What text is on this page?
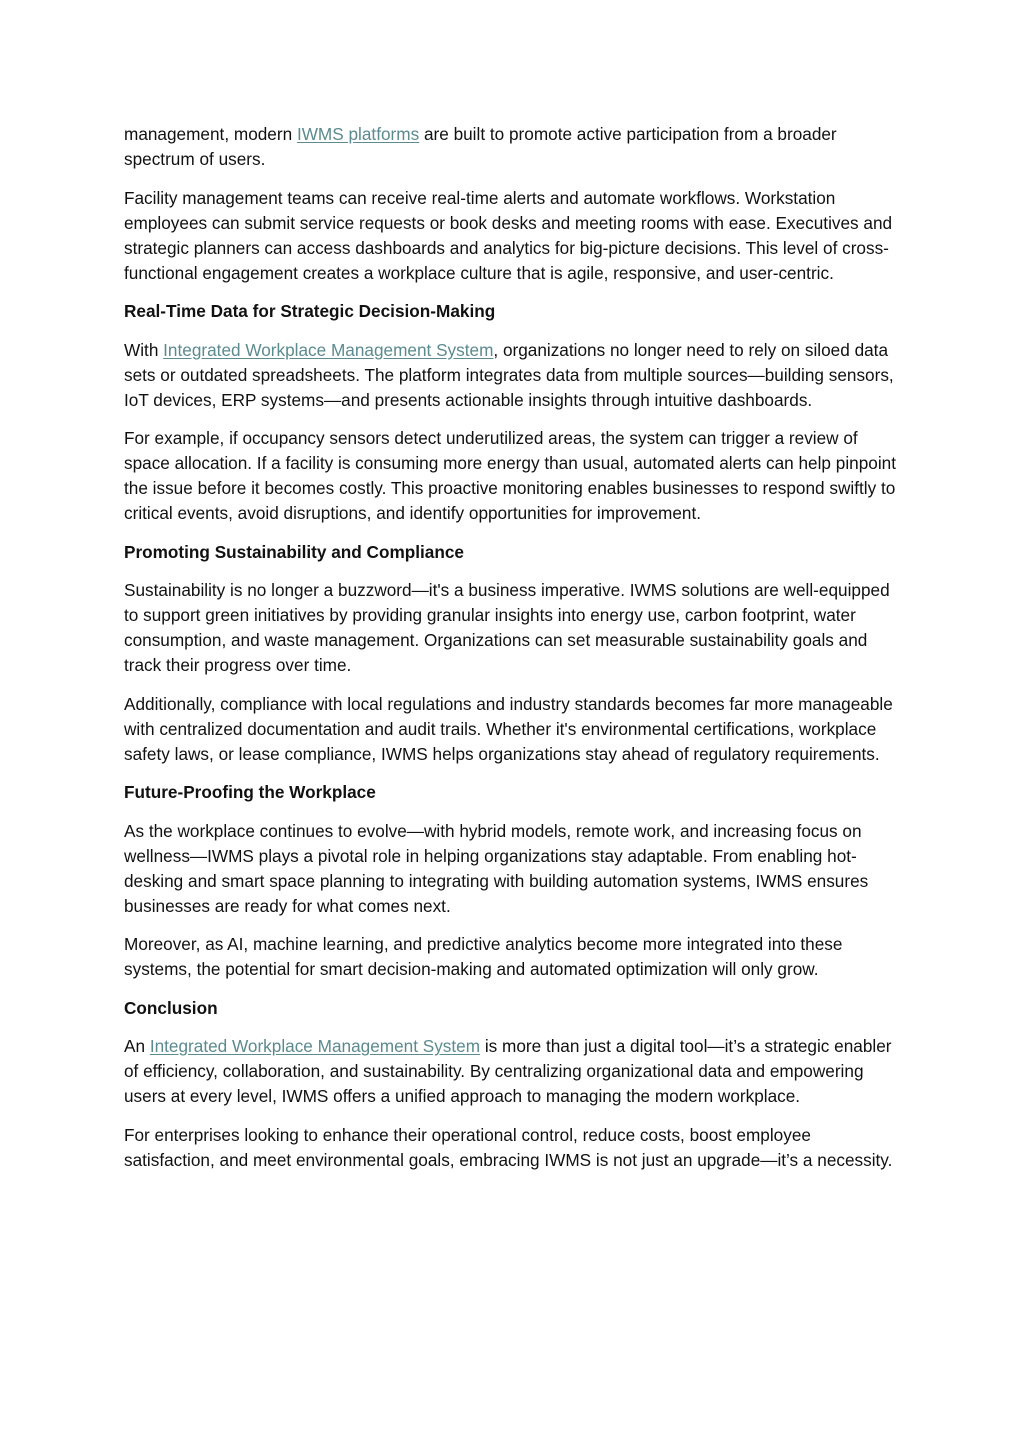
management, modern IWMS platforms are built to promote active participation from a broader spectrum of users.

Facility management teams can receive real-time alerts and automate workflows. Workstation employees can submit service requests or book desks and meeting rooms with ease. Executives and strategic planners can access dashboards and analytics for big-picture decisions. This level of cross-functional engagement creates a workplace culture that is agile, responsive, and user-centric.

Real-Time Data for Strategic Decision-Making

With Integrated Workplace Management System, organizations no longer need to rely on siloed data sets or outdated spreadsheets. The platform integrates data from multiple sources—building sensors, IoT devices, ERP systems—and presents actionable insights through intuitive dashboards.

For example, if occupancy sensors detect underutilized areas, the system can trigger a review of space allocation. If a facility is consuming more energy than usual, automated alerts can help pinpoint the issue before it becomes costly. This proactive monitoring enables businesses to respond swiftly to critical events, avoid disruptions, and identify opportunities for improvement.

Promoting Sustainability and Compliance

Sustainability is no longer a buzzword—it's a business imperative. IWMS solutions are well-equipped to support green initiatives by providing granular insights into energy use, carbon footprint, water consumption, and waste management. Organizations can set measurable sustainability goals and track their progress over time.

Additionally, compliance with local regulations and industry standards becomes far more manageable with centralized documentation and audit trails. Whether it's environmental certifications, workplace safety laws, or lease compliance, IWMS helps organizations stay ahead of regulatory requirements.

Future-Proofing the Workplace

As the workplace continues to evolve—with hybrid models, remote work, and increasing focus on wellness—IWMS plays a pivotal role in helping organizations stay adaptable. From enabling hot-desking and smart space planning to integrating with building automation systems, IWMS ensures businesses are ready for what comes next.

Moreover, as AI, machine learning, and predictive analytics become more integrated into these systems, the potential for smart decision-making and automated optimization will only grow.

Conclusion

An Integrated Workplace Management System is more than just a digital tool—it’s a strategic enabler of efficiency, collaboration, and sustainability. By centralizing organizational data and empowering users at every level, IWMS offers a unified approach to managing the modern workplace.

For enterprises looking to enhance their operational control, reduce costs, boost employee satisfaction, and meet environmental goals, embracing IWMS is not just an upgrade—it’s a necessity.
